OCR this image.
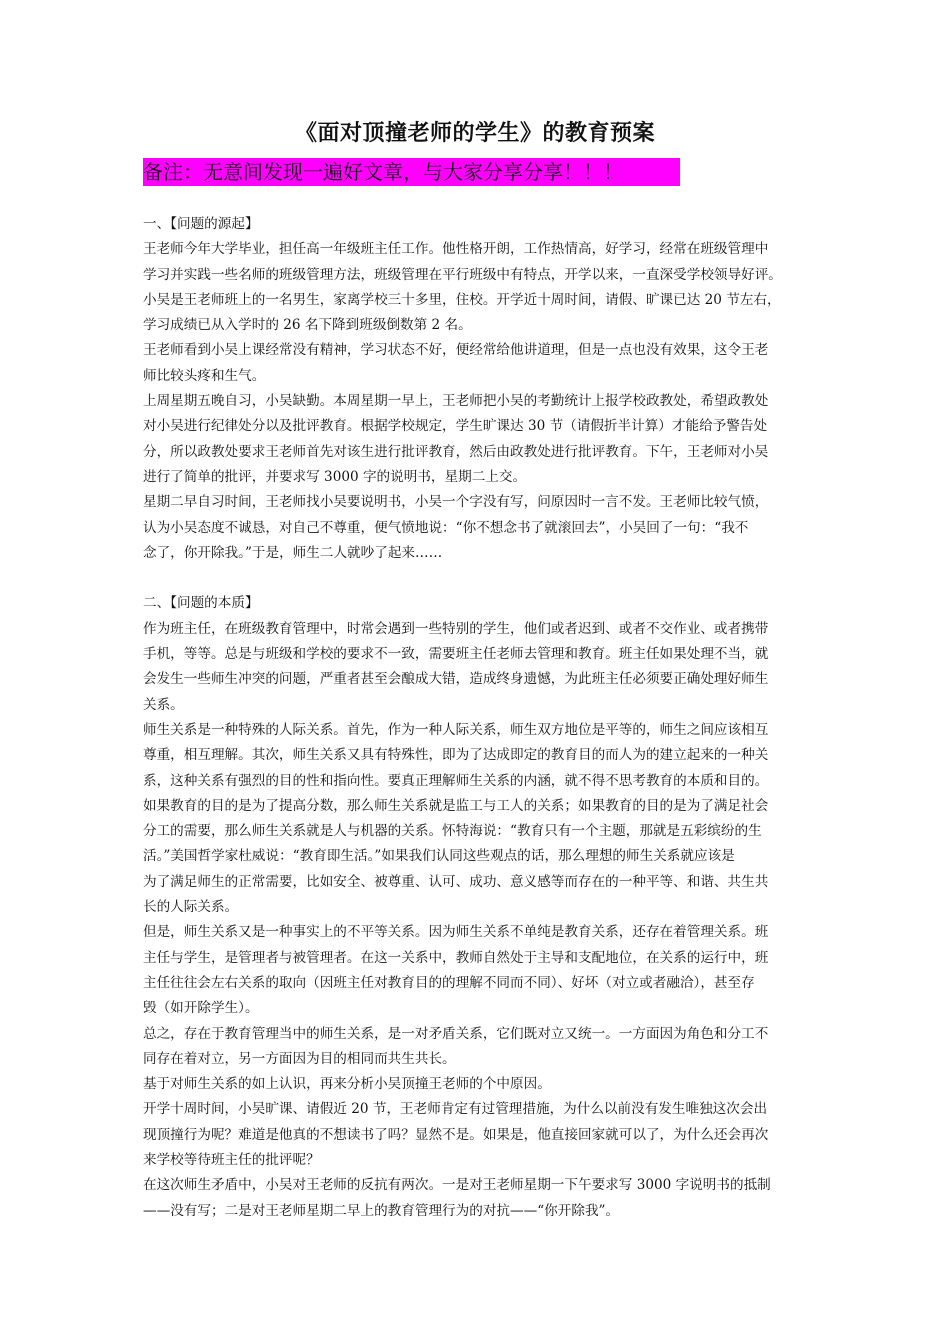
《面对顶撞老师的学生》的教育预案
备注：无意间发现一遍好文章，与大家分享分享！！！
一、【问题的源起】
王老师今年大学毕业，担任高一年级班主任工作。他性格开朗，工作热情高，好学习，经常在班级管理中
学习并实践一些名师的班级管理方法，班级管理在平行班级中有特点，开学以来，一直深受学校领导好评。
小吴是王老师班上的一名男生，家离学校三十多里，住校。开学近十周时间，请假、旷课已达 20 节左右，
学习成绩已从入学时的 26 名下降到班级倒数第 2 名。
王老师看到小吴上课经常没有精神，学习状态不好，便经常给他讲道理，但是一点也没有效果，这令王老
师比较头疼和生气。
上周星期五晚自习，小吴缺勤。本周星期一早上，王老师把小吴的考勤统计上报学校政教处，希望政教处
对小吴进行纪律处分以及批评教育。根据学校规定，学生旷课达 30 节（请假折半计算）才能给予警告处
分，所以政教处要求王老师首先对该生进行批评教育，然后由政教处进行批评教育。下午，王老师对小吴
进行了简单的批评，并要求写 3000 字的说明书，星期二上交。
星期二早自习时间，王老师找小吴要说明书，小吴一个字没有写，问原因时一言不发。王老师比较气愤，
认为小吴态度不诚恳，对自己不尊重，便气愤地说：“你不想念书了就滚回去”，小吴回了一句：“我不
念了，你开除我。”于是，师生二人就吵了起来……
二、【问题的本质】
作为班主任，在班级教育管理中，时常会遇到一些特别的学生，他们或者迟到、或者不交作业、或者携带
手机，等等。总是与班级和学校的要求不一致，需要班主任老师去管理和教育。班主任如果处理不当，就
会发生一些师生冲突的问题，严重者甚至会酿成大错，造成终身遗憾，为此班主任必须要正确处理好师生
关系。
师生关系是一种特殊的人际关系。首先，作为一种人际关系，师生双方地位是平等的，师生之间应该相互
尊重，相互理解。其次，师生关系又具有特殊性，即为了达成即定的教育目的而人为的建立起来的一种关
系，这种关系有强烈的目的性和指向性。要真正理解师生关系的内涵，就不得不思考教育的本质和目的。
如果教育的目的是为了提高分数，那么师生关系就是监工与工人的关系；如果教育的目的是为了满足社会
分工的需要，那么师生关系就是人与机器的关系。怀特海说：“教育只有一个主题，那就是五彩缤纷的生
活。”美国哲学家杜威说：“教育即生活。”如果我们认同这些观点的话，那么理想的师生关系就应该是
为了满足师生的正常需要，比如安全、被尊重、认可、成功、意义感等而存在的一种平等、和谐、共生共
长的人际关系。
但是，师生关系又是一种事实上的不平等关系。因为师生关系不单纯是教育关系，还存在着管理关系。班
主任与学生，是管理者与被管理者。在这一关系中，教师自然处于主导和支配地位，在关系的运行中，班
主任往往会左右关系的取向（因班主任对教育目的的理解不同而不同）、好坏（对立或者融洽），甚至存
毁（如开除学生）。
总之，存在于教育管理当中的师生关系，是一对矛盾关系，它们既对立又统一。一方面因为角色和分工不
同存在着对立，另一方面因为目的相同而共生共长。
基于对师生关系的如上认识，再来分析小吴顶撞王老师的个中原因。
开学十周时间，小吴旷课、请假近 20 节，王老师肯定有过管理措施，为什么以前没有发生唯独这次会出
现顶撞行为呢？难道是他真的不想读书了吗？显然不是。如果是，他直接回家就可以了，为什么还会再次
来学校等待班主任的批评呢？
在这次师生矛盾中，小吴对王老师的反抗有两次。一是对王老师星期一下午要求写 3000 字说明书的抵制
——没有写；二是对王老师星期二早上的教育管理行为的对抗——“你开除我”。
